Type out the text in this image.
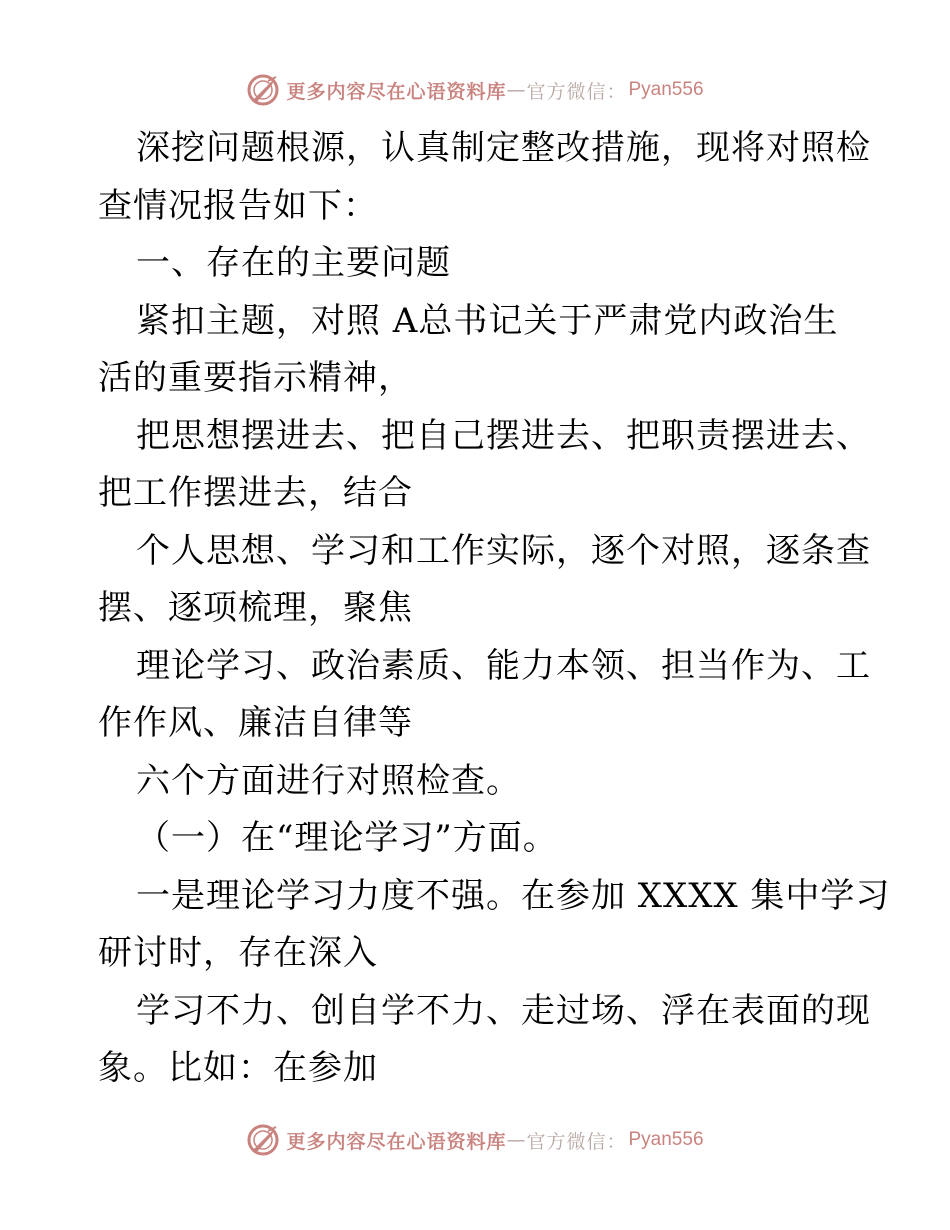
更多内容尽在心语资料库 — 官方微信： Pyan556
深挖问题根源，认真制定整改措施，现将对照检
查情况报告如下：
一、存在的主要问题
紧扣主题，对照 A总书记关于严肃党内政治生
活的重要指示精神，
把思想摆进去、把自己摆进去、把职责摆进去、
把工作摆进去，结合
个人思想、学习和工作实际，逐个对照，逐条查
摆、逐项梳理，聚焦
理论学习、政治素质、能力本领、担当作为、工
作作风、廉洁自律等
六个方面进行对照检查。
（一）在“理论学习”方面。
一是理论学习力度不强。在参加 XXXX 集中学习
研讨时，存在深入
学习不力、创自学不力、走过场、浮在表面的现
象。比如：在参加
更多内容尽在心语资料库 — 官方微信： Pyan556
